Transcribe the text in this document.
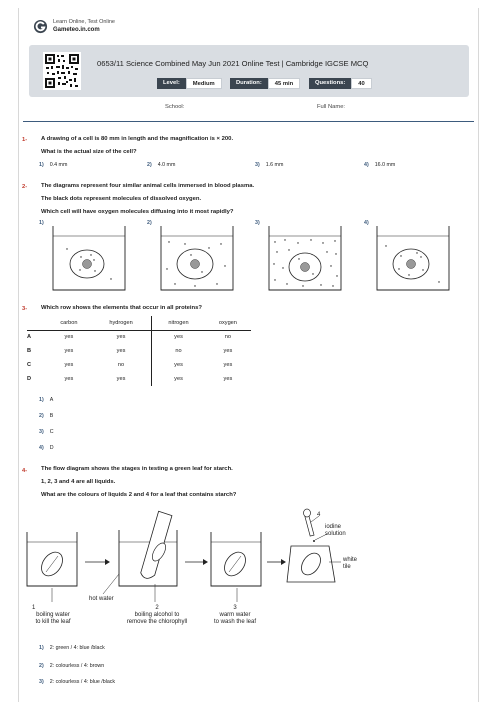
Learn Online, Test Online
Gameteo.in.com
0653/11 Science Combined May Jun 2021 Online Test | Cambridge IGCSE MCQ
Level:	Medium	Duration:	45 min	Questions:	40
School:	Full Name:
1- A drawing of a cell is 80 mm in length and the magnification is × 200.
What is the actual size of the cell?
1) 0.4 mm	2) 4.0 mm	3) 1.6 mm	4) 16.0 mm
2- The diagrams represent four similar animal cells immersed in blood plasma.
The black dots represent molecules of dissolved oxygen.
Which cell will have oxygen molecules diffusing into it most rapidly?
1)	2)	3)	4)
3- Which row shows the elements that occur in all proteins?
	carbon	hydrogen	nitrogen	oxygen
A	yes	yes	yes	no
B	yes	yes	no	yes
C	yes	no	yes	yes
D	yes	yes	yes	yes
1) A
2) B
3) C
4) D
4- The flow diagram shows the stages in testing a green leaf for starch.
1, 2, 3 and 4 are all liquids.
What are the colours of liquids 2 and 4 for a leaf that contains starch?
1
boiling water
to kill the leaf
hot water
2
boiling alcohol to
remove the chlorophyll
3
warm water
to wash the leaf
4
iodine
solution
white
tile
1) 2: green / 4: blue /black
2) 2: colourless / 4: brown
3) 2: colourless / 4: blue /black
